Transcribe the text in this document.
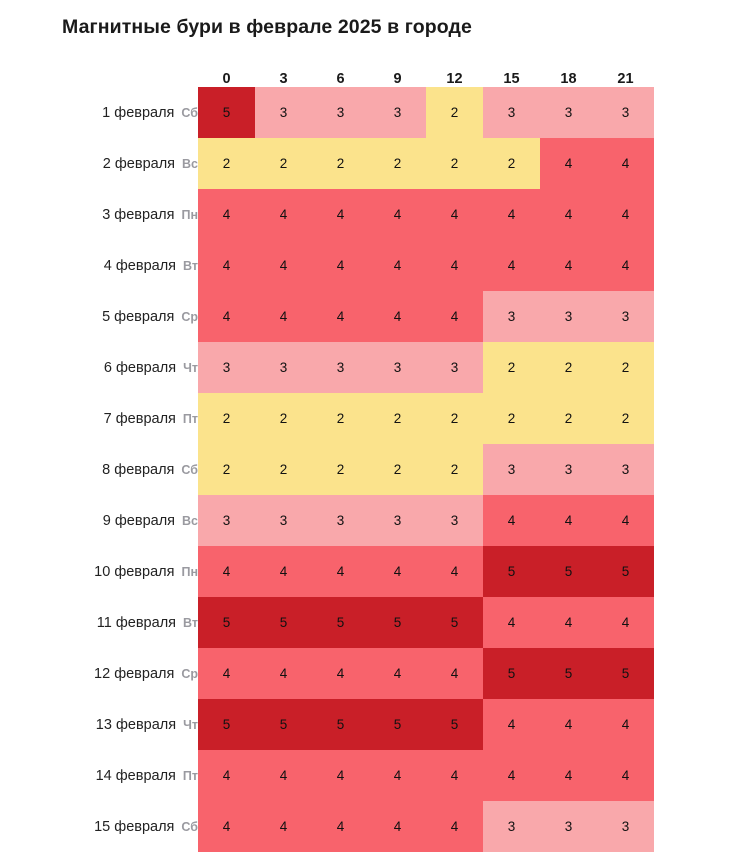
Магнитные бури в феврале 2025 в городе
	0	3	6	9	12	15	18	21
1 февраля Сб	5	3	3	3	2	3	3	3
2 февраля Вс	2	2	2	2	2	2	4	4
3 февраля Пн	4	4	4	4	4	4	4	4
4 февраля Вт	4	4	4	4	4	4	4	4
5 февраля Ср	4	4	4	4	4	3	3	3
6 февраля Чт	3	3	3	3	3	2	2	2
7 февраля Пт	2	2	2	2	2	2	2	2
8 февраля Сб	2	2	2	2	2	3	3	3
9 февраля Вс	3	3	3	3	3	4	4	4
10 февраля Пн	4	4	4	4	4	5	5	5
11 февраля Вт	5	5	5	5	5	4	4	4
12 февраля Ср	4	4	4	4	4	5	5	5
13 февраля Чт	5	5	5	5	5	4	4	4
14 февраля Пт	4	4	4	4	4	4	4	4
15 февраля Сб	4	4	4	4	4	3	3	3
